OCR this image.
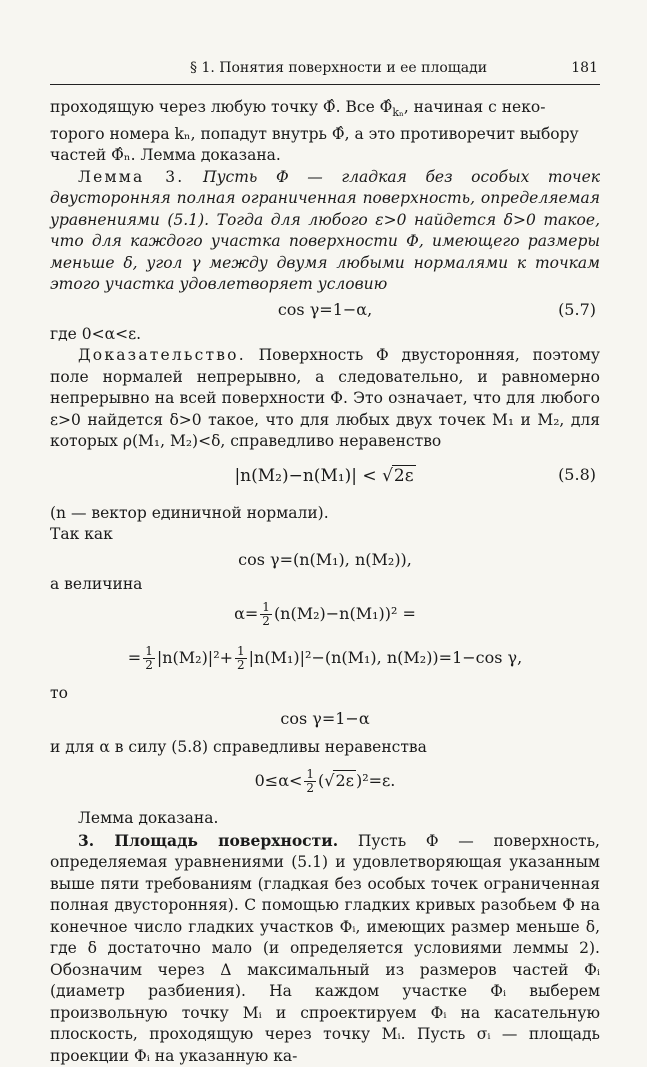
§ 1. Понятия поверхности и ее площади	181

проходящую через любую точку Φ̂. Все $\Phî_{k_n}$, начиная с неко-
торого номера kₙ, попадут внутрь Φ̂, а это противоречит выбору
частей Φ̂ₙ. Лемма доказана.

Лемма 3. Пусть Φ — гладкая без особых точек двусторонняя полная ограниченная поверхность, определяемая уравнениями (5.1). Тогда для любого ε>0 найдется δ>0 такое, что для каждого участка поверхности Φ, имеющего размеры меньше δ, угол γ между двумя любыми нормалями к точкам этого участка удовлетворяет условию

cos γ=1−α,	(5.7)

где 0<α<ε.

Доказательство. Поверхность Φ двусторонняя, поэтому поле нормалей непрерывно, а следовательно, и равномерно непрерывно на всей поверхности Φ. Это означает, что для любого ε>0 найдется δ>0 такое, что для любых двух точек M₁ и M₂, для которых ρ(M₁, M₂)<δ, справедливо неравенство

|n(M₂)−n(M₁)| < √2ε	(5.8)

(n — вектор единичной нормали).

Так как

cos γ=(n(M₁), n(M₂)),

а величина

$\alpha= \frac{1}{2} (n(M_2)-n(M_1))^2$ =
= $\frac{1}{2} |n(M_2)|^2+ \frac{1}{2} |n(M_1)|^2-(n(M_1)$, n(M₂))=1−cos γ,

то

cos γ=1−α

и для α в силу (5.8) справедливы неравенства

$0\le\alpha< \frac{1}{2} (√2\varepsilon$ )²=ε.

Лемма доказана.

3. Площадь поверхности. Пусть Φ — поверхность, определяемая уравнениями (5.1) и удовлетворяющая указанным выше пяти требованиям (гладкая без особых точек ограниченная полная двусторонняя). С помощью гладких кривых разобьем Φ на конечное число гладких участков Φᵢ, имеющих размер меньше δ, где δ достаточно мало (и определяется условиями леммы 2). Обозначим через Δ максимальный из размеров частей Φᵢ (диаметр разбиения). На каждом участке Φᵢ выберем произвольную точку Mᵢ и спроектируем Φᵢ на касательную плоскость, проходящую через точку Mᵢ. Пусть σᵢ — площадь проекции Φᵢ на указанную ка-
